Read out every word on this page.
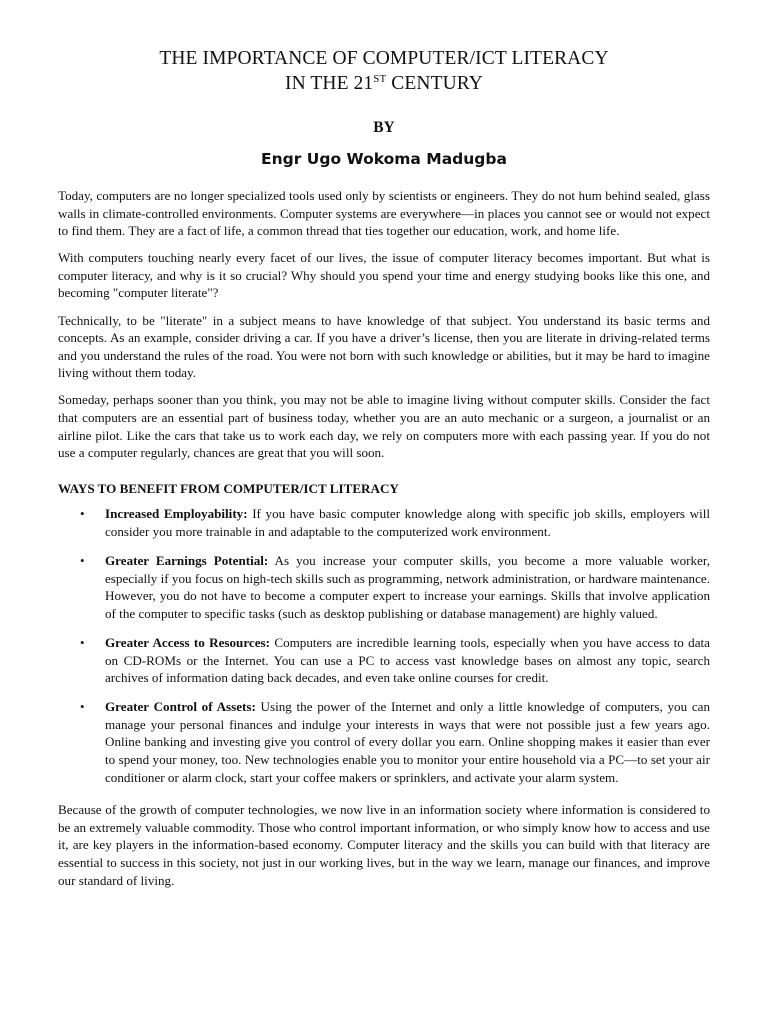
THE IMPORTANCE OF COMPUTER/ICT LITERACY
IN THE 21ST CENTURY
BY
Engr Ugo Wokoma Madugba

Today, computers are no longer specialized tools used only by scientists or engineers. They do not hum behind sealed, glass walls in climate-controlled environments. Computer systems are everywhere—in places you cannot see or would not expect to find them. They are a fact of life, a common thread that ties together our education, work, and home life.

With computers touching nearly every facet of our lives, the issue of computer literacy becomes important. But what is computer literacy, and why is it so crucial? Why should you spend your time and energy studying books like this one, and becoming "computer literate"?

Technically, to be "literate" in a subject means to have knowledge of that subject. You understand its basic terms and concepts. As an example, consider driving a car. If you have a driver’s license, then you are literate in driving-related terms and you understand the rules of the road. You were not born with such knowledge or abilities, but it may be hard to imagine living without them today.

Someday, perhaps sooner than you think, you may not be able to imagine living without computer skills. Consider the fact that computers are an essential part of business today, whether you are an auto mechanic or a surgeon, a journalist or an airline pilot. Like the cars that take us to work each day, we rely on computers more with each passing year. If you do not use a computer regularly, chances are great that you will soon.

WAYS TO BENEFIT FROM COMPUTER/ICT LITERACY
• Increased Employability: If you have basic computer knowledge along with specific job skills, employers will consider you more trainable in and adaptable to the computerized work environment.
• Greater Earnings Potential: As you increase your computer skills, you become a more valuable worker, especially if you focus on high-tech skills such as programming, network administration, or hardware maintenance. However, you do not have to become a computer expert to increase your earnings. Skills that involve application of the computer to specific tasks (such as desktop publishing or database management) are highly valued.
• Greater Access to Resources: Computers are incredible learning tools, especially when you have access to data on CD-ROMs or the Internet. You can use a PC to access vast knowledge bases on almost any topic, search archives of information dating back decades, and even take online courses for credit.
• Greater Control of Assets: Using the power of the Internet and only a little knowledge of computers, you can manage your personal finances and indulge your interests in ways that were not possible just a few years ago. Online banking and investing give you control of every dollar you earn. Online shopping makes it easier than ever to spend your money, too. New technologies enable you to monitor your entire household via a PC—to set your air conditioner or alarm clock, start your coffee makers or sprinklers, and activate your alarm system.

Because of the growth of computer technologies, we now live in an information society where information is considered to be an extremely valuable commodity. Those who control important information, or who simply know how to access and use it, are key players in the information-based economy. Computer literacy and the skills you can build with that literacy are essential to success in this society, not just in our working lives, but in the way we learn, manage our finances, and improve our standard of living.
